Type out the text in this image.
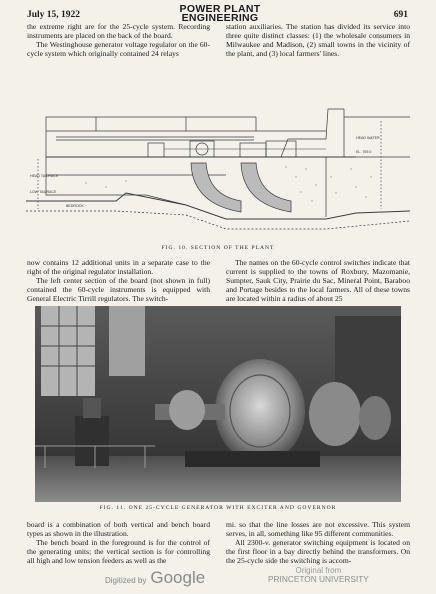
July 15, 1922	POWER PLANT
ENGINEERING	691

the extreme right are for the 25-cycle system. Recording instruments are placed on the back of the board.

The Westinghouse generator voltage regulator on the 60-cycle system which originally contained 24 relays

station auxiliaries. The station has divided its service into three quite distinct classes: (1) the wholesale consumers in Milwaukee and Madison, (2) small towns in the vicinity of the plant, and (3) local farmers' lines.

HEAD TAILRACE
LOW TAILRACE
BEDROCK
HEAD WATER
EL. 769.0
FIG. 10. SECTION OF THE PLANT

now contains 12 additional units in a separate case to the right of the original regulator installation.

The left center section of the board (not shown in full) contained the 60-cycle instruments is equipped with General Electric Tirrill regulators. The switch-

The names on the 60-cycle control switches indicate that current is supplied to the towns of Roxbury, Mazomanie, Sumpter, Sauk City, Prairie du Sac, Mineral Point, Baraboo and Portage besides to the local farmers. All of these towns are located within a radius of about 25

FIG. 11. ONE 25-CYCLE GENERATOR WITH EXCITER AND GOVERNOR

board is a combination of both vertical and bench board types as shown in the illustration.

The bench board in the foreground is for the control of the generating units; the vertical section is for controlling all high and low tension feeders as well as the

mi. so that the line losses are not excessive. This system serves, in all, something like 95 different communities.

All 2300-v. generator switching equipment is located on the first floor in a bay directly behind the transformers. On the 25-cycle side the switching is accom-

Digitized by Google	Original from
PRINCETON UNIVERSITY
